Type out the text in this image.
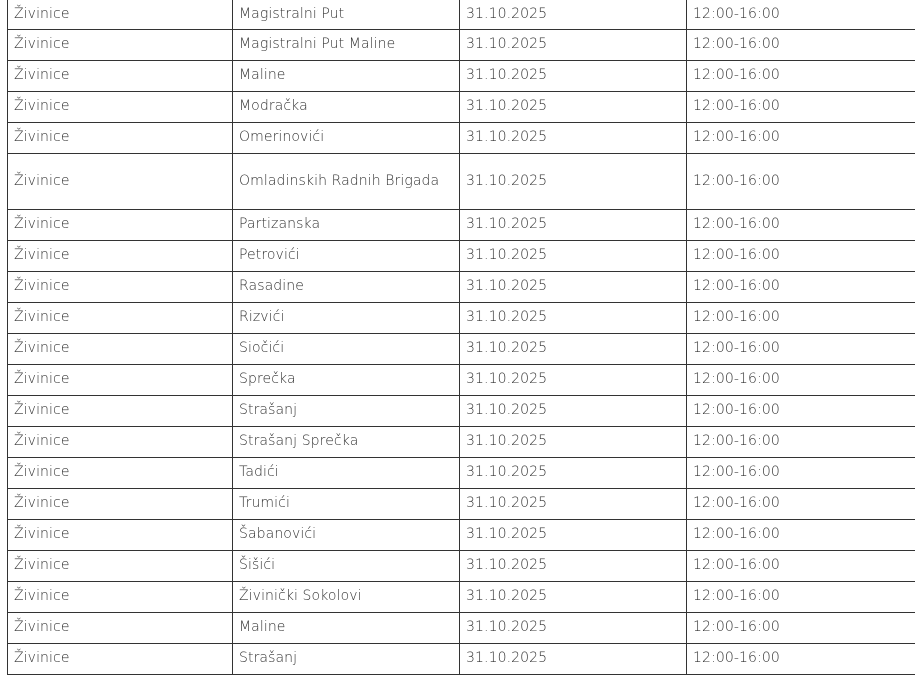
Živinice	Magistralni Put	31.10.2025	12:00-16:00
Živinice	Magistralni Put Maline	31.10.2025	12:00-16:00
Živinice	Maline	31.10.2025	12:00-16:00
Živinice	Modračka	31.10.2025	12:00-16:00
Živinice	Omerinovići	31.10.2025	12:00-16:00
Živinice	Omladinskih Radnih Brigada	31.10.2025	12:00-16:00
Živinice	Partizanska	31.10.2025	12:00-16:00
Živinice	Petrovići	31.10.2025	12:00-16:00
Živinice	Rasadine	31.10.2025	12:00-16:00
Živinice	Rizvići	31.10.2025	12:00-16:00
Živinice	Siočići	31.10.2025	12:00-16:00
Živinice	Sprečka	31.10.2025	12:00-16:00
Živinice	Strašanj	31.10.2025	12:00-16:00
Živinice	Strašanj Sprečka	31.10.2025	12:00-16:00
Živinice	Tadići	31.10.2025	12:00-16:00
Živinice	Trumići	31.10.2025	12:00-16:00
Živinice	Šabanovići	31.10.2025	12:00-16:00
Živinice	Šišići	31.10.2025	12:00-16:00
Živinice	Živinički Sokolovi	31.10.2025	12:00-16:00
Živinice	Maline	31.10.2025	12:00-16:00
Živinice	Strašanj	31.10.2025	12:00-16:00
